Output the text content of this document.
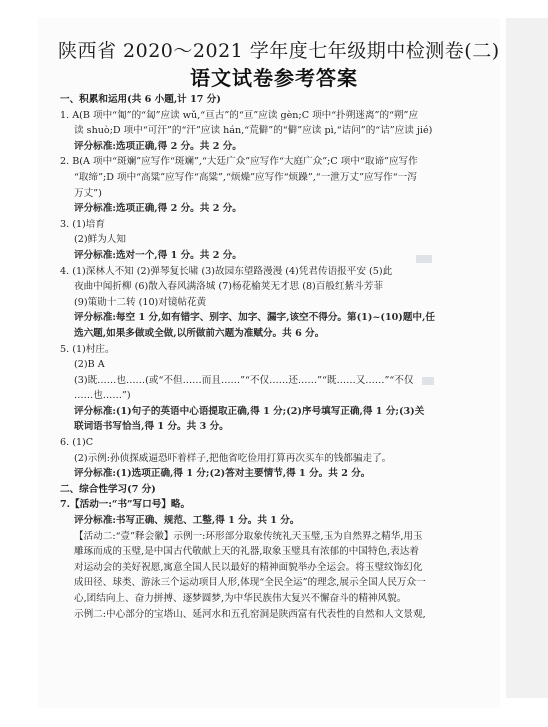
陕西省 2020～2021 学年度七年级期中检测卷(二)
语文试卷参考答案
一、积累和运用(共 6 小题,计 17 分)
1. A(B 项中“匍”的“匐”应读 wǔ,“亘古”的“亘”应读 gèn;C 项中“扑朔迷离”的“朔”应
读 shuò;D 项中“可汗”的“汗”应读 hán,“荒僻”的“僻”应读 pì,“诘问”的“诘”应读 jié)
评分标准:选项正确,得 2 分。共 2 分。
2. B(A 项中“斑斓”应写作“斑斓”,“大廷广众”应写作“大庭广众”;C 项中“取谛”应写作
“取缔”;D 项中“高粱”应写作“高粱”,“烦燥”应写作“烦躁”,“一泄万丈”应写作“一泻
万丈”)
评分标准:选项正确,得 2 分。共 2 分。
3. (1)培育
(2)鲜为人知
评分标准:选对一个,得 1 分。共 2 分。
4. (1)深林人不知 (2)弹琴复长啸 (3)故园东望路漫漫 (4)凭君传语报平安 (5)此
夜曲中闻折柳 (6)散入春风满洛城 (7)杨花榆荚无才思 (8)百般红紫斗芳菲
(9)策勋十二转 (10)对镜帖花黄
评分标准:每空 1 分,如有错字、别字、加字、漏字,该空不得分。第(1)~(10)题中,任
选六题,如果多做或全做,以所做前六题为准赋分。共 6 分。
5. (1)村庄。
(2)B A
(3)既……也……(或“不但……而且……”“不仅……还……”“既……又……”“不仅
……也……”)
评分标准:(1)句子的英语中心语提取正确,得 1 分;(2)序号填写正确,得 1 分;(3)关
联词语书写恰当,得 1 分。共 3 分。
6. (1)C
(2)示例:孙侦探威逼恐吓着样子,把他省吃俭用打算再次买车的钱都骗走了。
评分标准:(1)选项正确,得 1 分;(2)答对主要情节,得 1 分。共 2 分。
二、综合性学习(7 分)
7.【活动一:“书”写口号】略。
评分标准:书写正确、规范、工整,得 1 分。共 1 分。
【活动二:“壹”释会徽】示例一:环形部分取象传统礼天玉璧,玉为自然界之精华,用玉
雕琢而成的玉璧,是中国古代敬献上天的礼器,取象玉璧具有浓郁的中国特色,表达着
对运动会的美好祝愿,寓意全国人民以最好的精神面貌举办全运会。将玉璧纹饰幻化
成田径、球类、游泳三个运动项目人形,体现“全民全运”的理念,展示全国人民万众一
心,团结向上、奋力拼搏、逐梦圆梦,为中华民族伟大复兴不懈奋斗的精神风貌。
示例二:中心部分的宝塔山、延河水和五孔窑洞是陕西富有代表性的自然和人文景观,
